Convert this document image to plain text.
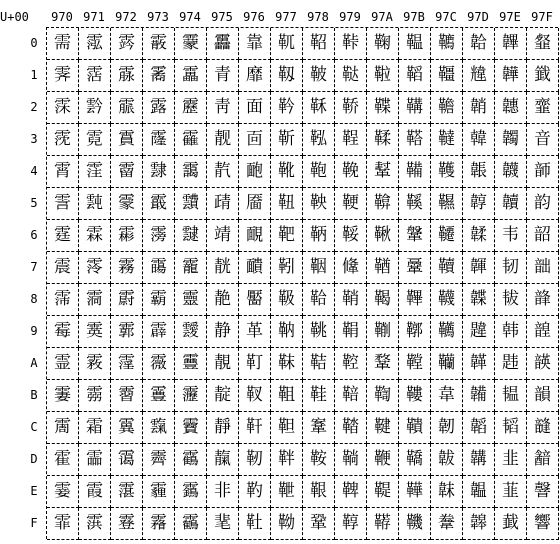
U+00	970 971 972 973 974 975 976 977 978 979 97A 97B 97C 97D 97E 97F
0
1
2
3
4
5
6
7
8
9
A
B
C
D
E
F
需 霐 霠 霰 靀 靐 靠 靰 鞀 鞐 鞠 鞰 韀 韐 韠 韰
霁 霑 霡 霱 靁 青 靡 靱 鞁 鞑 鞡 鞱 韁 韑 韡 韱
霂 霒 霢 露 靂 靑 面 靲 鞂 鞒 鞢 鞲 韂 韒 韢 韲
霃 霓 霣 霳 靃 靓 靣 靳 鞃 鞓 鞣 鞳 韃 韓 韣 音
霄 霔 霤 霴 靄 靔 靤 靴 鞄 鞔 鞤 鞴 韄 韔 韤 韴
霅 霕 霥 霵 靅 靕 靥 靵 鞅 鞕 鞥 鞵 韅 韕 韥 韵
霆 霖 霦 霶 靆 靖 靦 靶 鞆 鞖 鞦 鞶 韆 韖 韦 韶
震 霗 霧 霷 靇 靗 靧 靷 鞇 鞗 鞧 鞷 韇 韗 韧 韷
霈 霘 霨 霸 靈 靘 靨 靸 鞈 鞘 鞨 鞸 韈 韘 韨 韸
霉 霙 霩 霹 靉 静 革 靹 鞉 鞙 鞩 鞹 韉 韙 韩 韹
霊 霚 霪 霺 靊 靚 靪 靺 鞊 鞚 鞪 鞺 韊 韚 韪 韺
霋 霛 霫 霻 靋 靛 靫 靻 鞋 鞛 鞫 鞻 韋 韛 韫 韻
霌 霜 霬 霼 靌 靜 靬 靼 鞌 鞜 鞬 鞼 韌 韜 韬 韼
霍 霝 霭 霽 靍 靝 靭 靽 鞍 鞝 鞭 鞽 韍 韝 韭 韽
霎 霞 霮 霾 靎 非 靮 靾 鞎 鞞 鞮 鞾 韎 韞 韮 韾
霏 霟 霯 霿 靏 靟 靯 靿 鞏 鞟 鞯 鞿 韏 韟 韯 響
